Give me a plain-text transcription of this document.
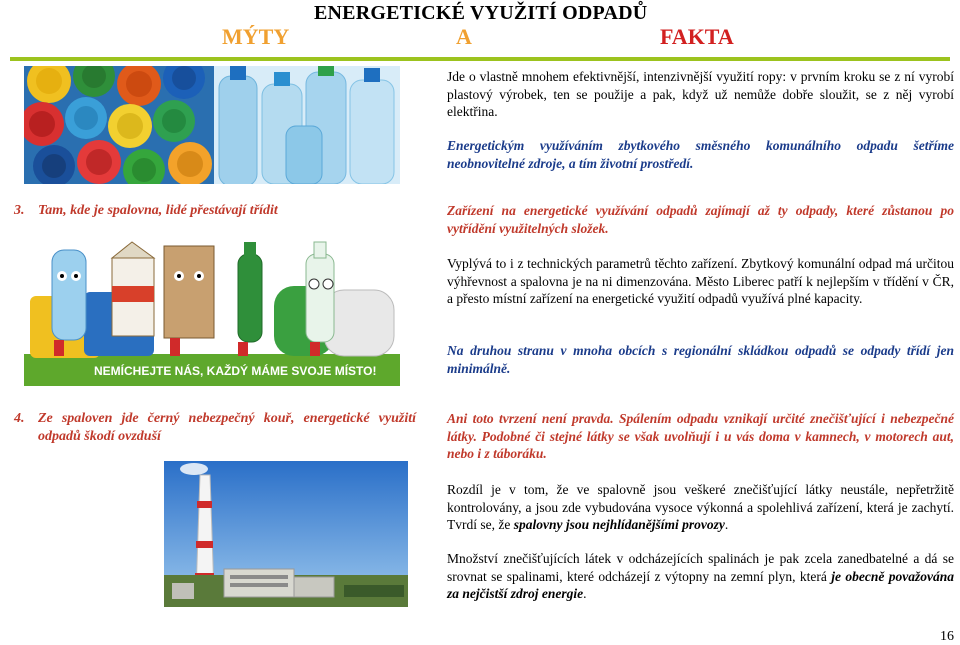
ENERGETICKÉ VYUŽITÍ ODPADŮ
MÝTY	A	FAKTA

Jde o vlastně mnohem efektivnější, intenzivnější využití ropy: v prvním kroku se z ní vyrobí plastový výrobek, ten se použije a pak, když už nemůže dobře sloužit, se z něj vyrobí elektřina.

Energetickým využíváním zbytkového směsného komunálního odpadu šetříme neobnovitelné zdroje, a tím životní prostředí.
3. Tam, kde je spalovna, lidé přestávají třídit
NEMÍCHEJTE NÁS, KAŽDÝ MÁME SVOJE MÍSTO!
Zařízení na energetické využívání odpadů zajímají až ty odpady, které zůstanou po vytřídění využitelných složek.
Vyplývá to i z technických parametrů těchto zařízení. Zbytkový komunální odpad má určitou výhřevnost a spalovna je na ni dimenzována. Město Liberec patří k nejlepším v třídění v ČR, a přesto místní zařízení na energetické využití odpadů využívá plné kapacity.
Na druhou stranu v mnoha obcích s regionální skládkou odpadů se odpady třídí jen minimálně.
4. Ze spaloven jde černý nebezpečný kouř, energetické využití odpadů škodí ovzduší
Ani toto tvrzení není pravda. Spálením odpadu vznikají určité znečišťující i nebezpečné látky. Podobné či stejné látky se však uvolňují i u vás doma v kamnech, v motorech aut, nebo i z táboráku.
Rozdíl je v tom, že ve spalovně jsou veškeré znečišťující látky neustále, nepřetržitě kontrolovány, a jsou zde vybudována vysoce výkonná a spolehlivá zařízení, která je zachytí. Tvrdí se, že spalovny jsou nejhlídanějšími provozy.
Množství znečišťujících látek v odcházejících spalinách je pak zcela zanedbatelné a dá se srovnat se spalinami, které odcházejí z výtopny na zemní plyn, která je obecně považována za nejčistší zdroj energie.
16
